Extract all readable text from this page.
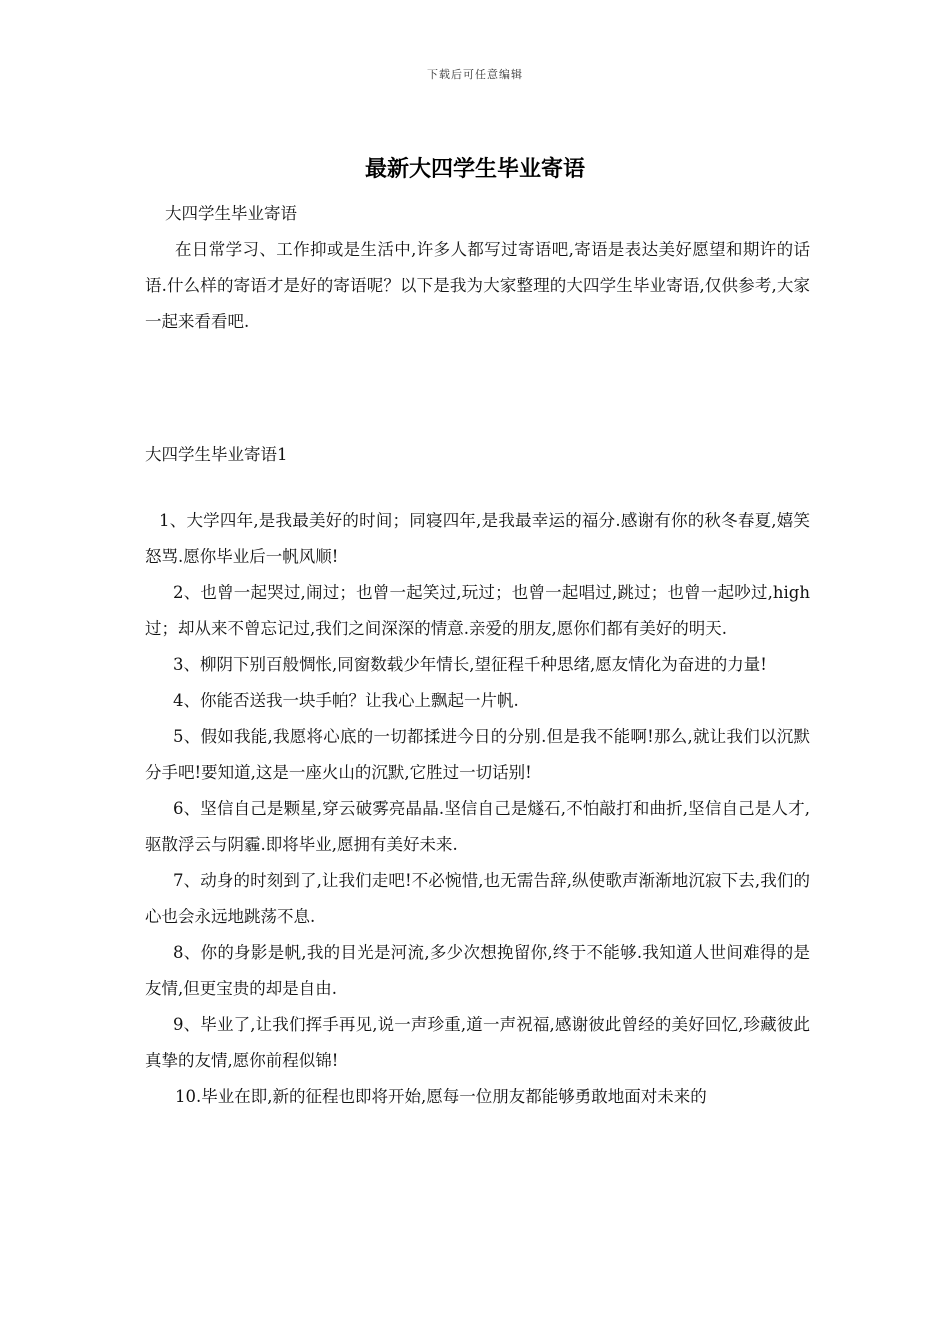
下载后可任意编辑
最新大四学生毕业寄语

大四学生毕业寄语

在日常学习、工作抑或是生活中,许多人都写过寄语吧,寄语是表达美好愿望和期许的话语.什么样的寄语才是好的寄语呢？以下是我为大家整理的大四学生毕业寄语,仅供参考,大家一起来看看吧.

大四学生毕业寄语1

1、大学四年,是我最美好的时间；同寝四年,是我最幸运的福分.感谢有你的秋冬春夏,嬉笑怒骂.愿你毕业后一帆风顺!

2、也曾一起哭过,闹过；也曾一起笑过,玩过；也曾一起唱过,跳过；也曾一起吵过,high过；却从来不曾忘记过,我们之间深深的情意.亲爱的朋友,愿你们都有美好的明天.

3、柳阴下别百般惆怅,同窗数载少年情长,望征程千种思绪,愿友情化为奋进的力量!

4、你能否送我一块手帕？让我心上飘起一片帆.

5、假如我能,我愿将心底的一切都揉进今日的分别.但是我不能啊!那么,就让我们以沉默分手吧!要知道,这是一座火山的沉默,它胜过一切话别!

6、坚信自己是颗星,穿云破雾亮晶晶.坚信自己是燧石,不怕敲打和曲折,坚信自己是人才,驱散浮云与阴霾.即将毕业,愿拥有美好未来.

7、动身的时刻到了,让我们走吧!不必惋惜,也无需告辞,纵使歌声渐渐地沉寂下去,我们的心也会永远地跳荡不息.

8、你的身影是帆,我的目光是河流,多少次想挽留你,终于不能够.我知道人世间难得的是友情,但更宝贵的却是自由.

9、毕业了,让我们挥手再见,说一声珍重,道一声祝福,感谢彼此曾经的美好回忆,珍藏彼此真挚的友情,愿你前程似锦!

10.毕业在即,新的征程也即将开始,愿每一位朋友都能够勇敢地面对未来的
